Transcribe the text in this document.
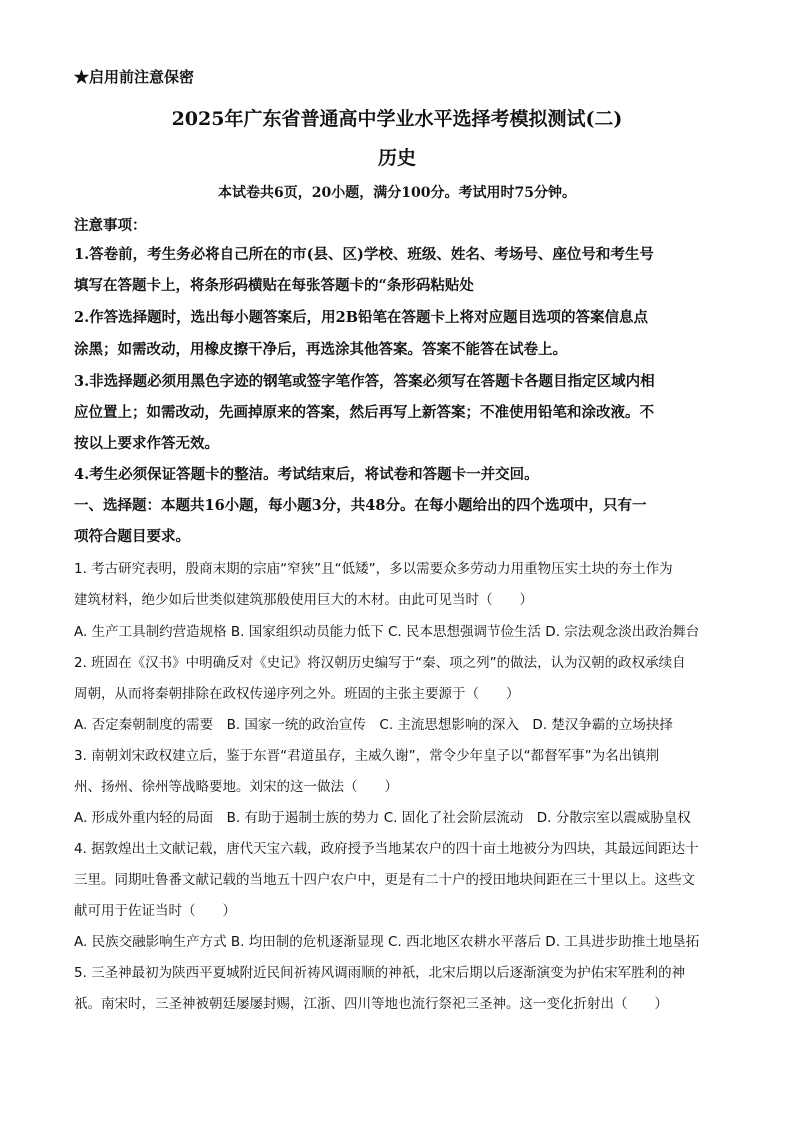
★启用前注意保密
2025年广东省普通高中学业水平选择考模拟测试(二)
历史
本试卷共6页，20小题，满分100分。考试用时75分钟。
注意事项：
1.答卷前，考生务必将自己所在的市(县、区)学校、班级、姓名、考场号、座位号和考生号
填写在答题卡上，将条形码横贴在每张答题卡的“条形码粘贴处
2.作答选择题时，选出每小题答案后，用2B铅笔在答题卡上将对应题目选项的答案信息点
涂黑；如需改动，用橡皮擦干净后，再选涂其他答案。答案不能答在试卷上。
3.非选择题必须用黑色字迹的钢笔或签字笔作答，答案必须写在答题卡各题目指定区域内相
应位置上；如需改动，先画掉原来的答案，然后再写上新答案；不准使用铅笔和涂改液。不
按以上要求作答无效。
4.考生必须保证答题卡的整洁。考试结束后，将试卷和答题卡一并交回。
一、选择题：本题共16小题，每小题3分，共48分。在每小题给出的四个选项中，只有一
项符合题目要求。
1. 考古研究表明，殷商末期的宗庙“窄狭”且“低矮”，多以需要众多劳动力用重物压实土块的夯土作为
建筑材料，绝少如后世类似建筑那般使用巨大的木材。由此可见当时（　　）
A. 生产工具制约营造规格 B. 国家组织动员能力低下 C. 民本思想强调节俭生活 D. 宗法观念淡出政治舞台
2. 班固在《汉书》中明确反对《史记》将汉朝历史编写于“秦、项之列”的做法，认为汉朝的政权承续自
周朝，从而将秦朝排除在政权传递序列之外。班固的主张主要源于（　　）
A. 否定秦朝制度的需要　B. 国家一统的政治宣传　C. 主流思想影响的深入　D. 楚汉争霸的立场抉择
3. 南朝刘宋政权建立后，鉴于东晋“君道虽存，主威久谢”，常令少年皇子以“都督军事”为名出镇荆
州、扬州、徐州等战略要地。刘宋的这一做法（　　）
A. 形成外重内轻的局面　B. 有助于遏制士族的势力 C. 固化了社会阶层流动　D. 分散宗室以震威胁皇权
4. 据敦煌出土文献记载，唐代天宝六载，政府授予当地某农户的四十亩土地被分为四块，其最远间距达十
三里。同期吐鲁番文献记载的当地五十四户农户中，更是有二十户的授田地块间距在三十里以上。这些文
献可用于佐证当时（　　）
A. 民族交融影响生产方式 B. 均田制的危机逐渐显现 C. 西北地区农耕水平落后 D. 工具进步助推土地垦拓
5. 三圣神最初为陕西平夏城附近民间祈祷风调雨顺的神祇，北宋后期以后逐渐演变为护佑宋军胜利的神
祇。南宋时，三圣神被朝廷屡屡封赐，江浙、四川等地也流行祭祀三圣神。这一变化折射出（　　）
